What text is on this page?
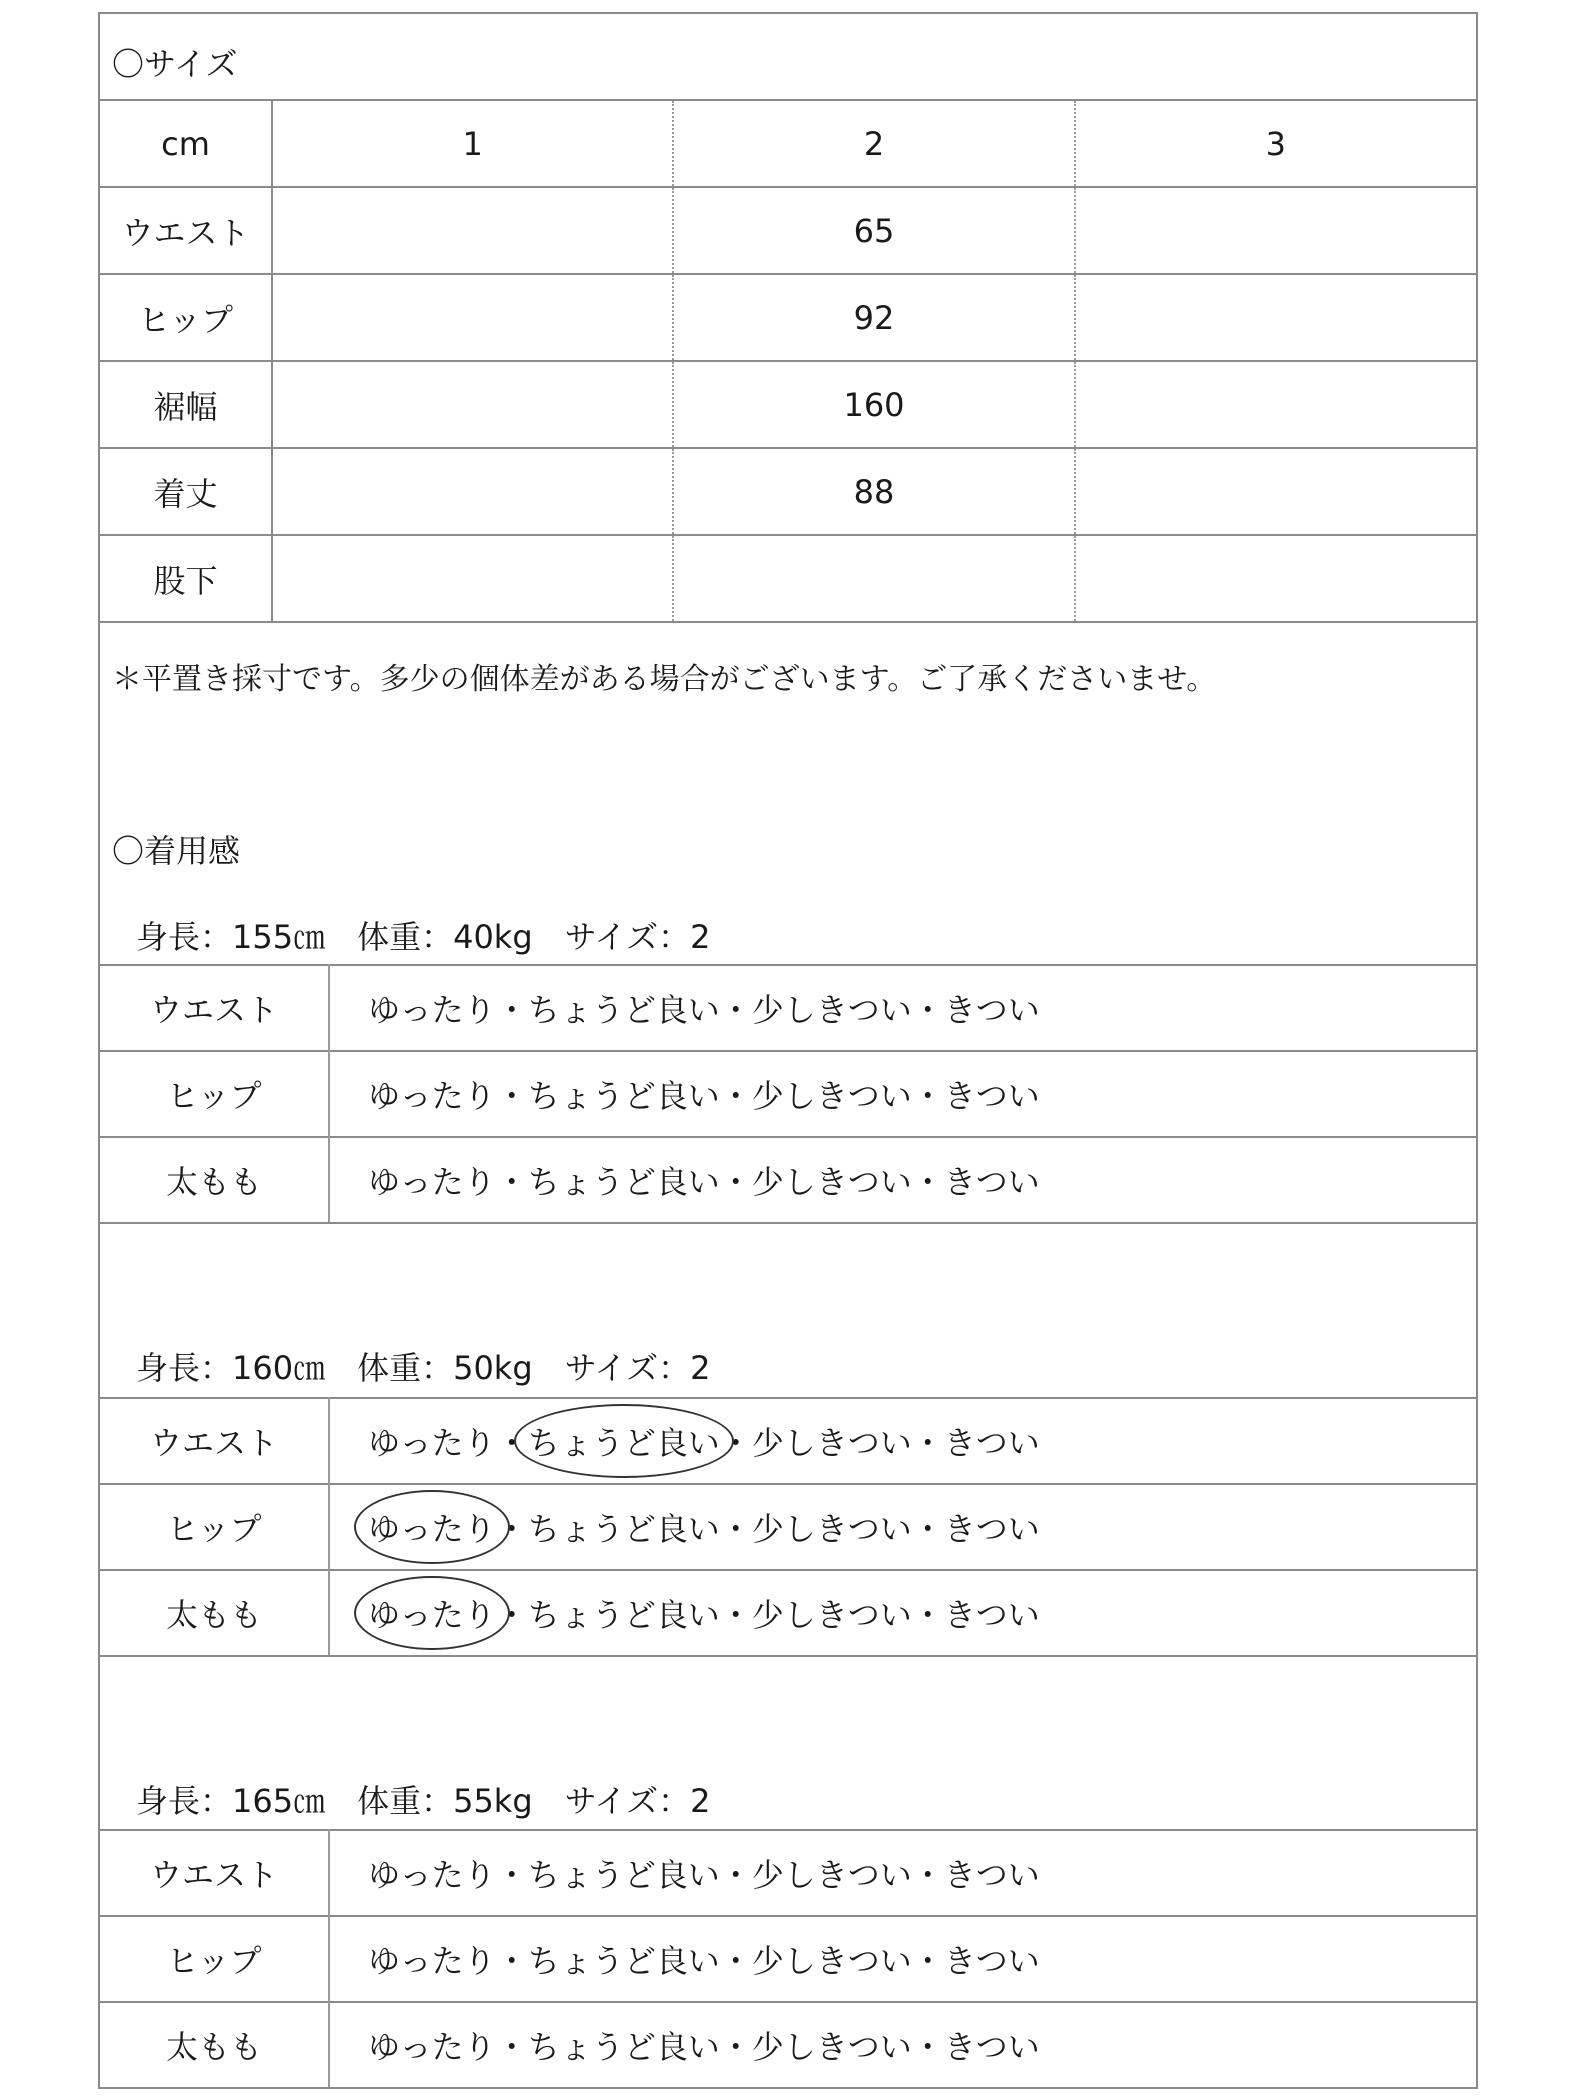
〇サイズ
cm	1	2	3
ウエスト		65	
ヒップ		92	
裾幅		160	
着丈		88	
股下			
＊平置き採寸です。多少の個体差がある場合がございます。ご了承くださいませ。
〇着用感
身長：155㎝　体重：40kg　サイズ：2
ウエスト	ゆったり・ちょうど良い・少しきつい・きつい
ヒップ	ゆったり・ちょうど良い・少しきつい・きつい
太もも	ゆったり・ちょうど良い・少しきつい・きつい
身長：160㎝　体重：50kg　サイズ：2
ウエスト	ゆったり・ちょうど良い・少しきつい・きつい
ヒップ	ゆったり・ちょうど良い・少しきつい・きつい
太もも	ゆったり・ちょうど良い・少しきつい・きつい
身長：165㎝　体重：55kg　サイズ：2
ウエスト	ゆったり・ちょうど良い・少しきつい・きつい
ヒップ	ゆったり・ちょうど良い・少しきつい・きつい
太もも	ゆったり・ちょうど良い・少しきつい・きつい
